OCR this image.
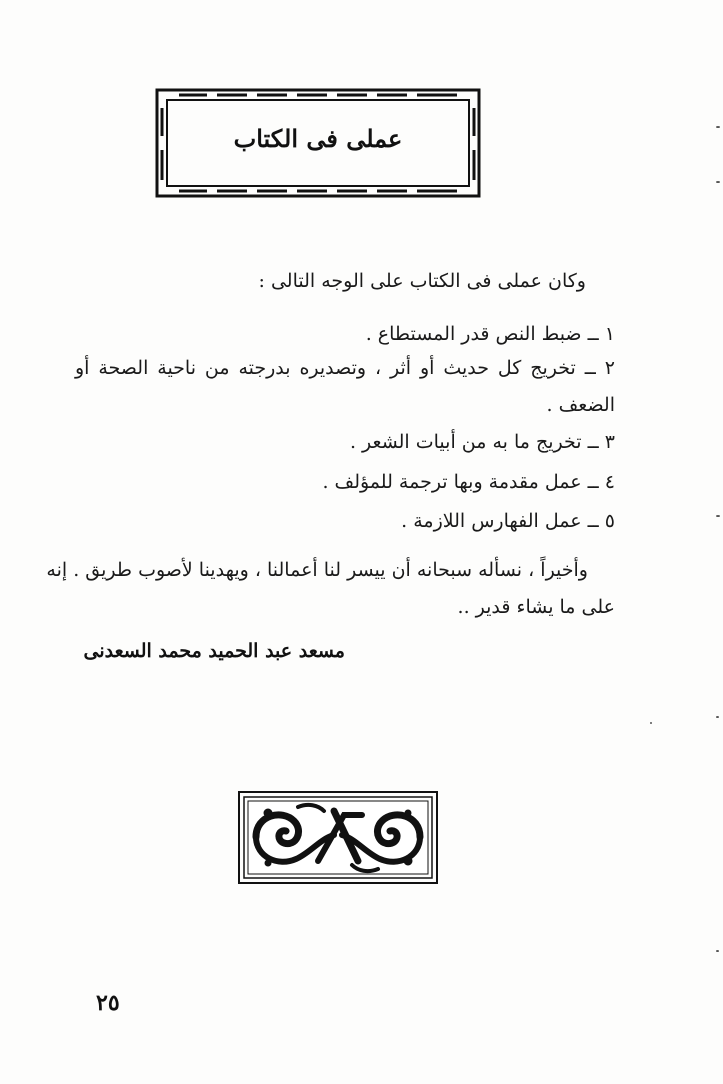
عملى فى الكتاب
وكان عملى فى الكتاب على الوجه التالى :
١ ــ ضبط النص قدر المستطاع .
٢ ــ تخريج كل حديث أو أثر ، وتصديره بدرجته من ناحية الصحة أو
الضعف .
٣ ــ تخريج ما به من أبيات الشعر .
٤ ــ عمل مقدمة وبها ترجمة للمؤلف .
٥ ــ عمل الفهارس اللازمة .
وأخيراً ، نسأله سبحانه أن ييسر لنا أعمالنا ، ويهدينا لأصوب طريق . إنه
على ما يشاء قدير ..
مسعد عبد الحميد محمد السعدنى
٢٥
